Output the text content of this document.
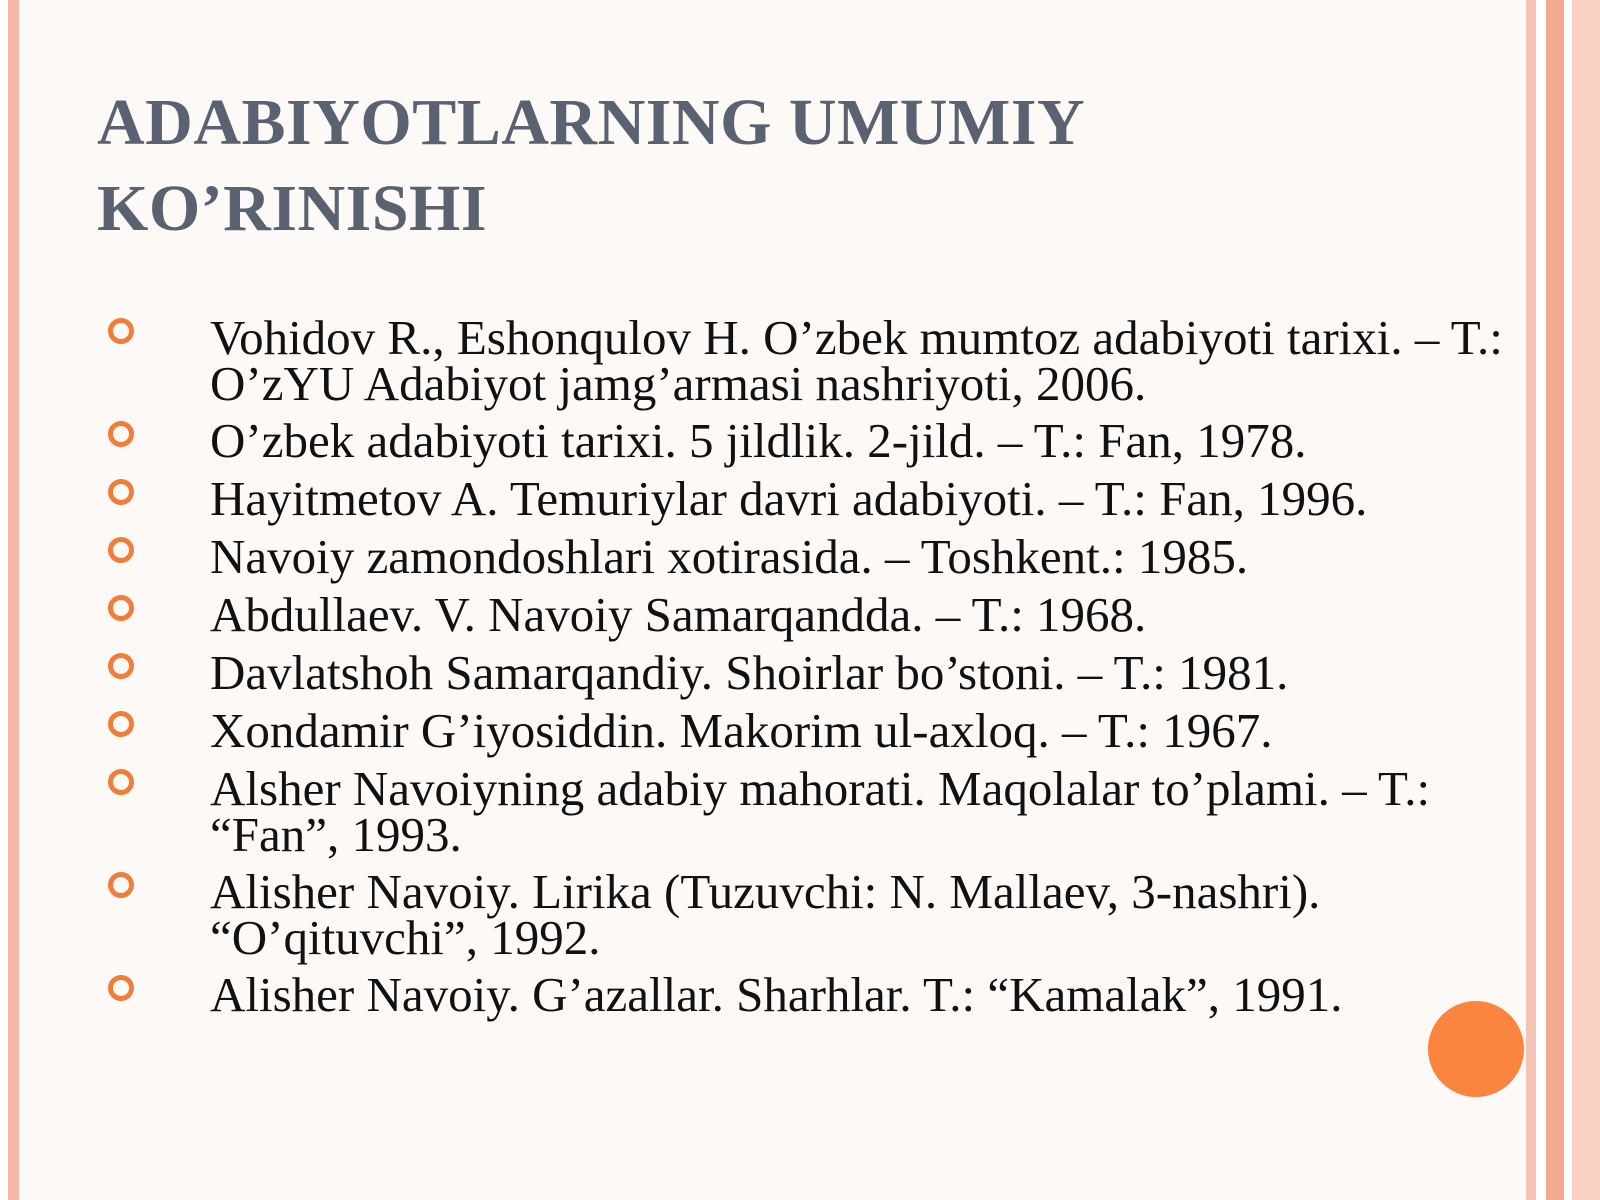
ADABIYOTLARNING UMUMIY
KO’RINISHI
Vohidov R., Eshonqulov H. O’zbek mumtoz adabiyoti tarixi. – T.: O’zYU Adabiyot jamg’armasi nashriyoti, 2006.
O’zbek adabiyoti tarixi. 5 jildlik. 2-jild. – T.: Fan, 1978.
Hayitmetov A. Temuriylar davri adabiyoti. – T.: Fan, 1996.
Navoiy zamondoshlari xotirasida. – Toshkent.: 1985.
Abdullaev. V. Navoiy Samarqandda. – T.: 1968.
Davlatshoh Samarqandiy. Shoirlar bo’stoni. – T.: 1981.
Xondamir G’iyosiddin. Makorim ul-axloq. – T.: 1967.
Alsher Navoiyning adabiy mahorati. Maqolalar to’plami. – T.: “Fan”, 1993.
Alisher Navoiy. Lirika (Tuzuvchi: N. Mallaev, 3-nashri). “O’qituvchi”, 1992.
Alisher Navoiy. G’azallar. Sharhlar. T.: “Kamalak”, 1991.
